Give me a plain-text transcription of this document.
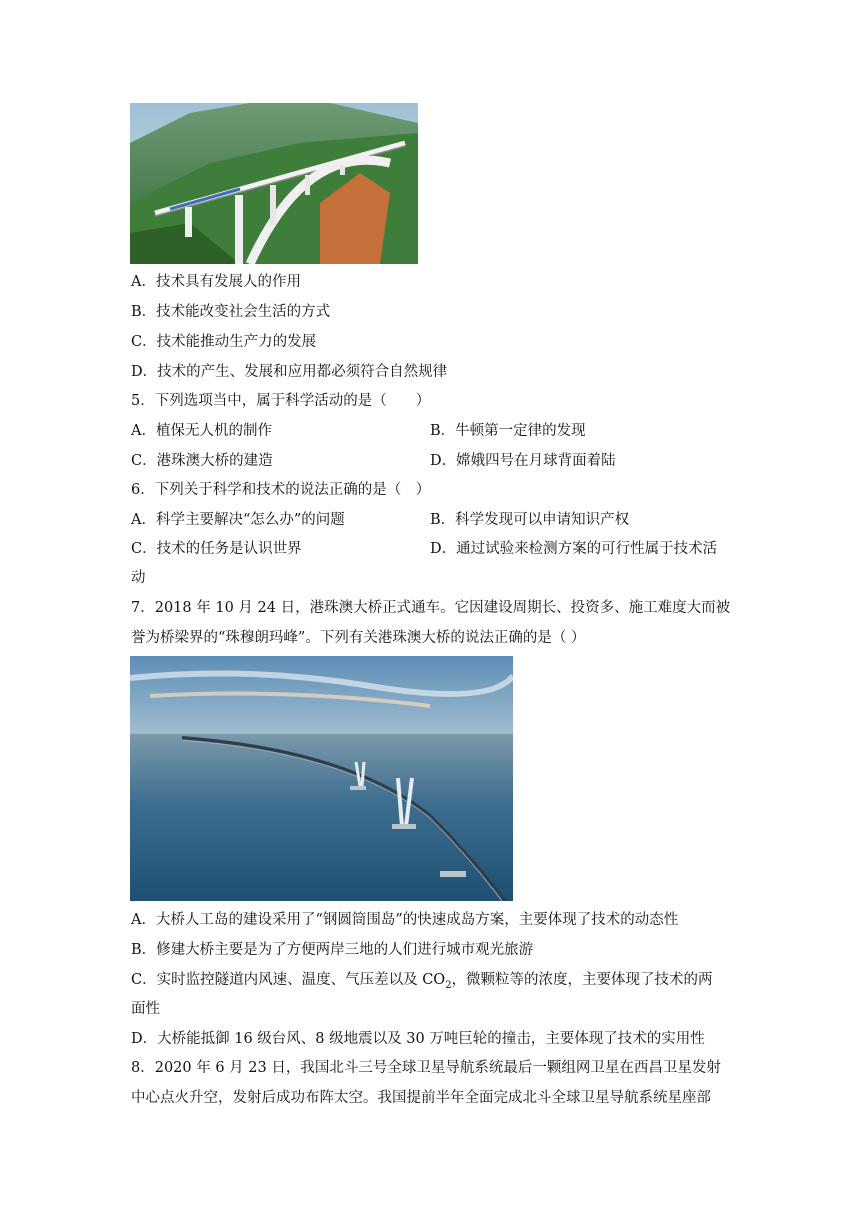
A．技术具有发展人的作用
B．技术能改变社会生活的方式
C．技术能推动生产力的发展
D．技术的产生、发展和应用都必须符合自然规律
5．下列选项当中，属于科学活动的是（　　）
A．植保无人机的制作	B．牛顿第一定律的发现
C．港珠澳大桥的建造	D．嫦娥四号在月球背面着陆
6．下列关于科学和技术的说法正确的是（　）
A．科学主要解决“怎么办”的问题	B．科学发现可以申请知识产权
C．技术的任务是认识世界	D．通过试验来检测方案的可行性属于技术活
动
7．2018 年 10 月 24 日，港珠澳大桥正式通车。它因建设周期长、投资多、施工难度大而被
誉为桥梁界的“珠穆朗玛峰”。下列有关港珠澳大桥的说法正确的是（ ）
A．大桥人工岛的建设采用了“钢圆筒围岛”的快速成岛方案，主要体现了技术的动态性
B．修建大桥主要是为了方便两岸三地的人们进行城市观光旅游
C．实时监控隧道内风速、温度、气压差以及 $CO_2$，微颗粒等的浓度，主要体现了技术的两
面性
D．大桥能抵御 16 级台风、8 级地震以及 30 万吨巨轮的撞击，主要体现了技术的实用性
8．2020 年 6 月 23 日，我国北斗三号全球卫星导航系统最后一颗组网卫星在西昌卫星发射
中心点火升空，发射后成功布阵太空。我国提前半年全面完成北斗全球卫星导航系统星座部
